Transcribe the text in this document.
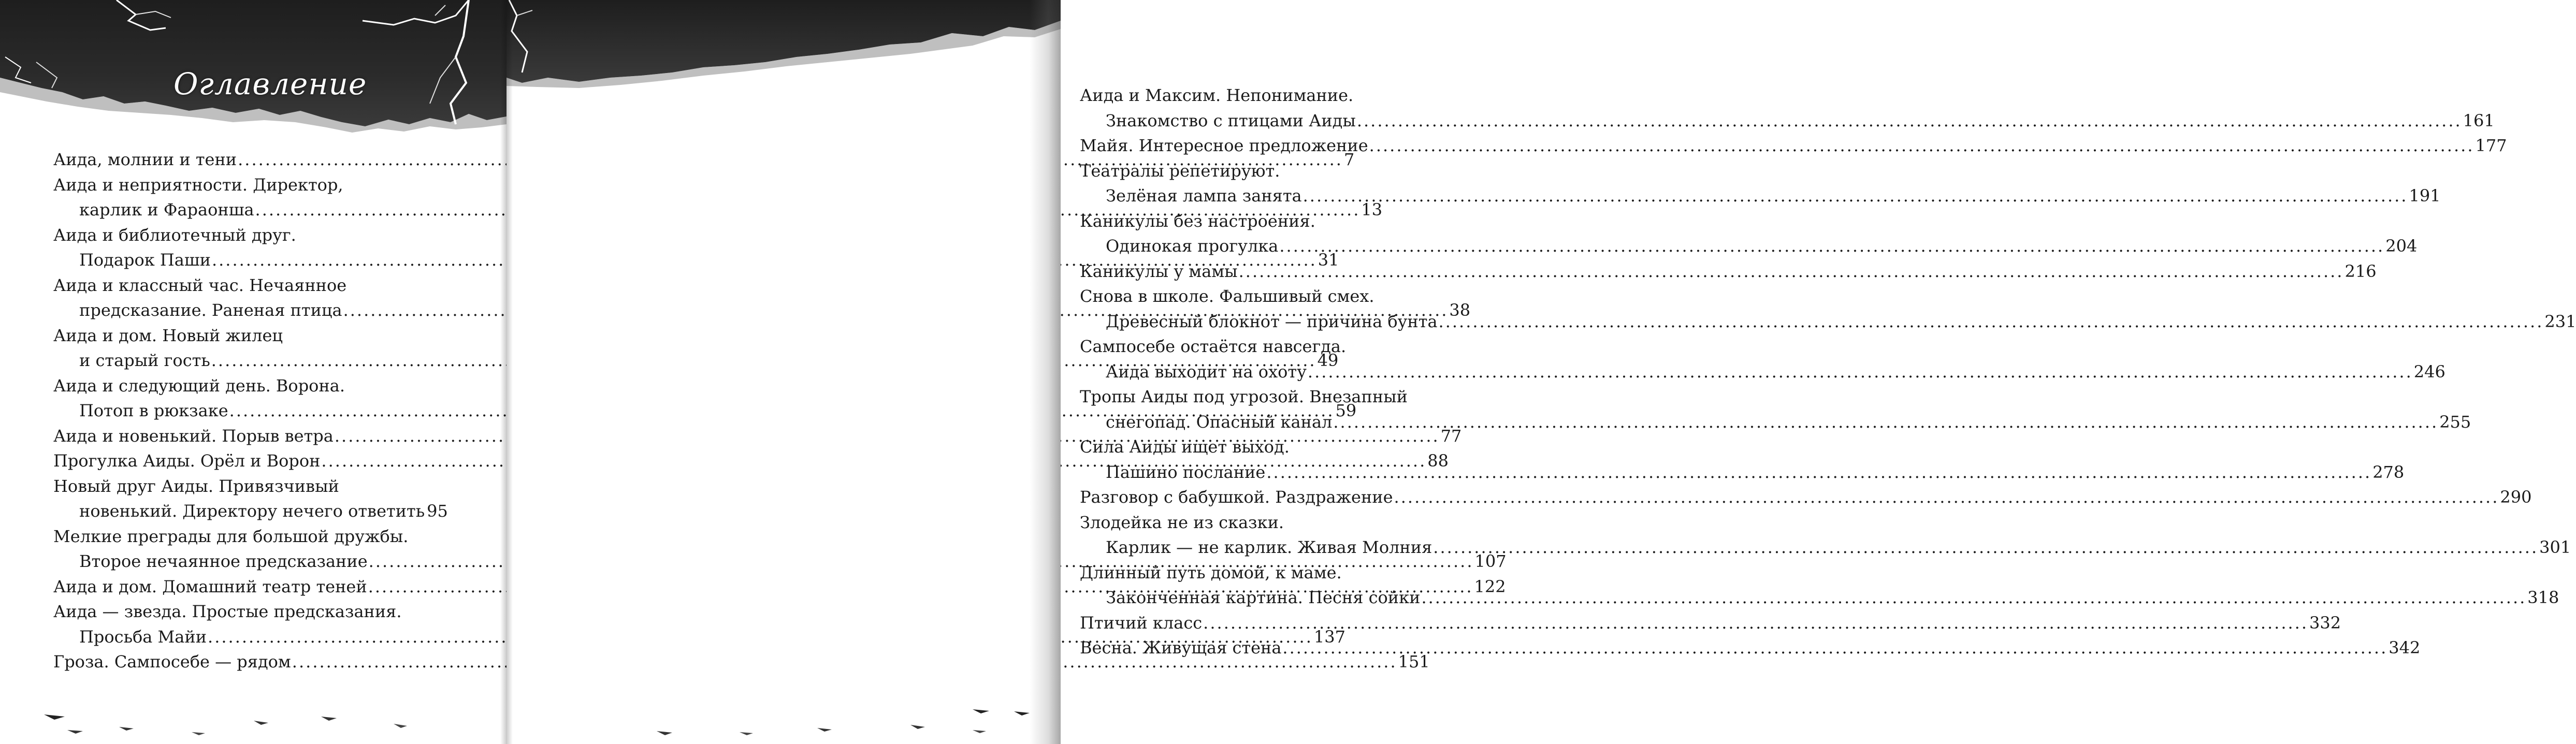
Оглавление
Аида, молнии и тени .....	7
Аида и неприятности. Директор,
карлик и Фараонша .....	13
Аида и библиотечный друг.
Подарок Паши .....	31
Аида и классный час. Нечаянное
предсказание. Раненая птица .....	38
Аида и дом. Новый жилец
и старый гость .....	49
Аида и следующий день. Ворона.
Потоп в рюкзаке .....	59
Аида и новенький. Порыв ветра .....	77
Прогулка Аиды. Орёл и Ворон .....	88
Новый друг Аиды. Привязчивый
новенький. Директору нечего ответить 95
Мелкие преграды для большой дружбы.
Второе нечаянное предсказание .....	107
Аида и дом. Домашний театр теней .....	122
Аида — звезда. Простые предсказания.
Просьба Майи .....	137
Гроза. Сампосебе — рядом .....	151
Аида и Максим. Непонимание.
Знакомство с птицами Аиды .....	161
Майя. Интересное предложение .....	177
Театралы репетируют.
Зелёная лампа занята .....	191
Каникулы без настроения.
Одинокая прогулка .....	204
Каникулы у мамы .....	216
Снова в школе. Фальшивый смех.
Древесный блокнот — причина бунта .....	231
Сампосебе остаётся навсегда.
Аида выходит на охоту .....	246
Тропы Аиды под угрозой. Внезапный
снегопад. Опасный канал .....	255
Сила Аиды ищет выход.
Пашино послание .....	278
Разговор с бабушкой. Раздражение .....	290
Злодейка не из сказки.
Карлик — не карлик. Живая Молния .....	301
Длинный путь домой, к маме.
Законченная картина. Песня сойки .....	318
Птичий класс .....	332
Весна. Живущая стена .....	342
